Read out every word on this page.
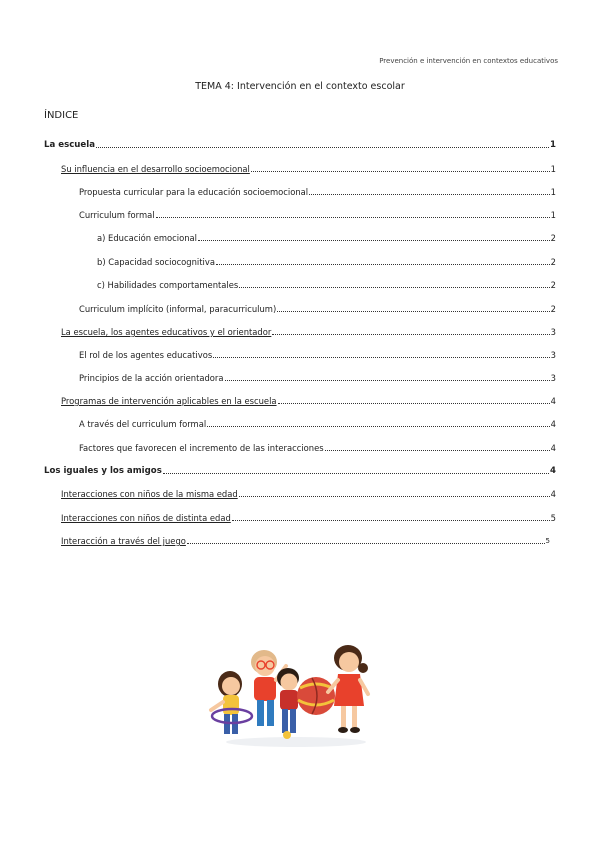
Prevención e intervención en contextos educativos
TEMA 4: Intervención en el contexto escolar
ÍNDICE
La escuela	1
Su influencia en el desarrollo socioemocional	1
Propuesta curricular para la educación socioemocional	1
Curriculum formal	1
a) Educación emocional	2
b) Capacidad sociocognitiva	2
c) Habilidades comportamentales	2
Curriculum implícito (informal, paracurriculum)	2
La escuela, los agentes educativos y el orientador	3
El rol de los agentes educativos	3
Principios de la acción orientadora	3
Programas de intervención aplicables en la escuela	4
A través del curriculum formal	4
Factores que favorecen el incremento de las interacciones	4
Los iguales y los amigos	4
Interacciones con niños de la misma edad	4
Interacciones con niños de distinta edad	5
Interacción a través del juego	5
